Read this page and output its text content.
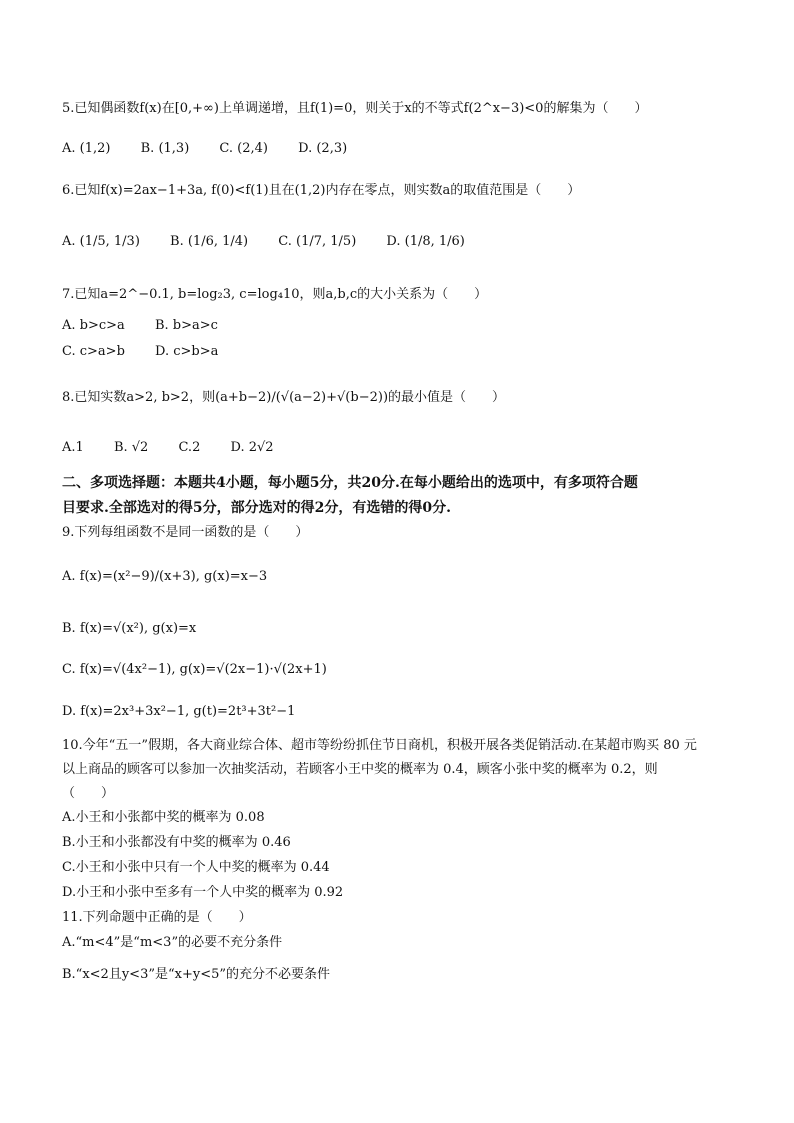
5.已知偶函数f(x)在[0,+∞)上单调递增，且f(1)=0，则关于x的不等式f(2^x−3)<0的解集为（　　）
A. (1,2) B. (1,3) C. (2,4) D. (2,3)
6.已知f(x)=2ax−1+3a, f(0)<f(1)且在(1,2)内存在零点，则实数a的取值范围是（　　）
A. (1/5, 1/3) B. (1/6, 1/4) C. (1/7, 1/5) D. (1/8, 1/6)
7.已知a=2^−0.1, b=log₂3, c=log₄10，则a,b,c的大小关系为（　　）
A. b>c>a B. b>a>c
C. c>a>b D. c>b>a
8.已知实数a>2, b>2，则(a+b−2)/(√(a−2)+√(b−2))的最小值是（　　）
A.1 B. √2 C.2 D. 2√2
二、多项选择题：本题共4小题，每小题5分，共20分.在每小题给出的选项中，有多项符合题
目要求.全部选对的得5分，部分选对的得2分，有选错的得0分.
9.下列每组函数不是同一函数的是（　　）
A. f(x)=(x²−9)/(x+3), g(x)=x−3
B. f(x)=√(x²), g(x)=x
C. f(x)=√(4x²−1), g(x)=√(2x−1)·√(2x+1)
D. f(x)=2x³+3x²−1, g(t)=2t³+3t²−1
10.今年“五一”假期，各大商业综合体、超市等纷纷抓住节日商机，积极开展各类促销活动.在某超市购买 80 元
以上商品的顾客可以参加一次抽奖活动，若顾客小王中奖的概率为 0.4，顾客小张中奖的概率为 0.2，则
（　　）
A.小王和小张都中奖的概率为 0.08
B.小王和小张都没有中奖的概率为 0.46
C.小王和小张中只有一个人中奖的概率为 0.44
D.小王和小张中至多有一个人中奖的概率为 0.92
11.下列命题中正确的是（　　）
A.“m<4”是“m<3”的必要不充分条件
B.“x<2且y<3”是“x+y<5”的充分不必要条件
